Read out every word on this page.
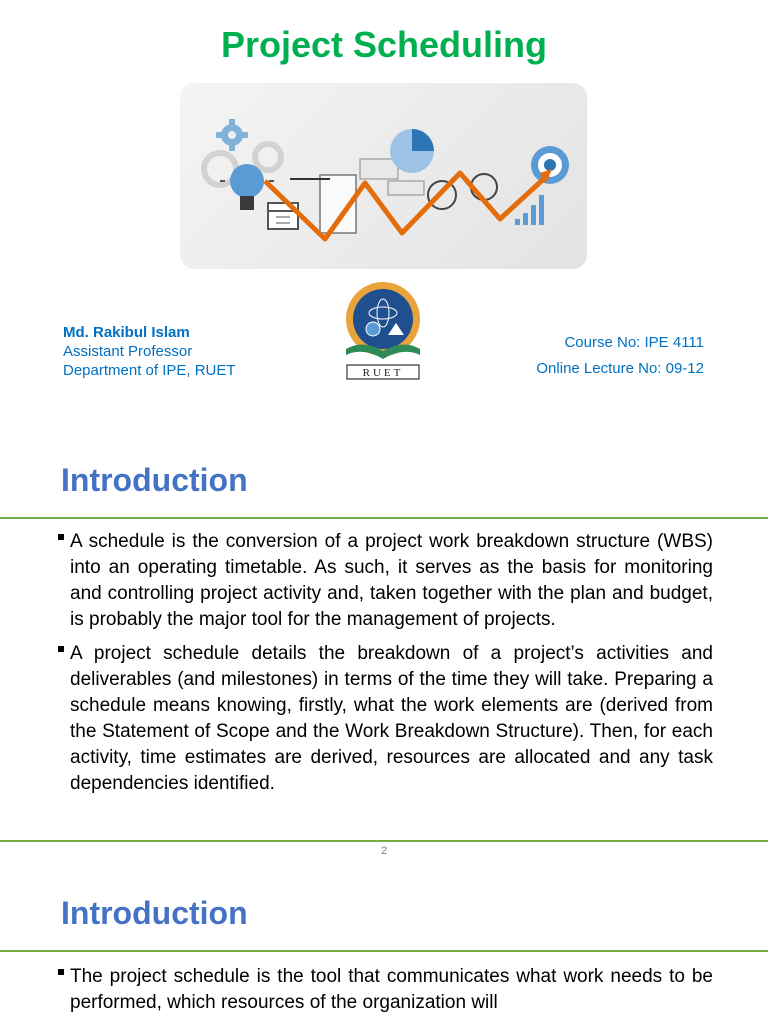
Project Scheduling
Md. Rakibul Islam
Assistant Professor
Department of IPE, RUET	RUET
Course No: IPE 4111
Online Lecture No: 09-12
Introduction
A schedule is the conversion of a project work breakdown structure (WBS) into an operating timetable. As such, it serves as the basis for monitoring and controlling project activity and, taken together with the plan and budget, is probably the major tool for the management of projects.
A project schedule details the breakdown of a project’s activities and deliverables (and milestones) in terms of the time they will take. Preparing a schedule means knowing, firstly, what the work elements are (derived from the Statement of Scope and the Work Breakdown Structure). Then, for each activity, time estimates are derived, resources are allocated and any task dependencies identified.
2
Introduction
The project schedule is the tool that communicates what work needs to be performed, which resources of the organization will
